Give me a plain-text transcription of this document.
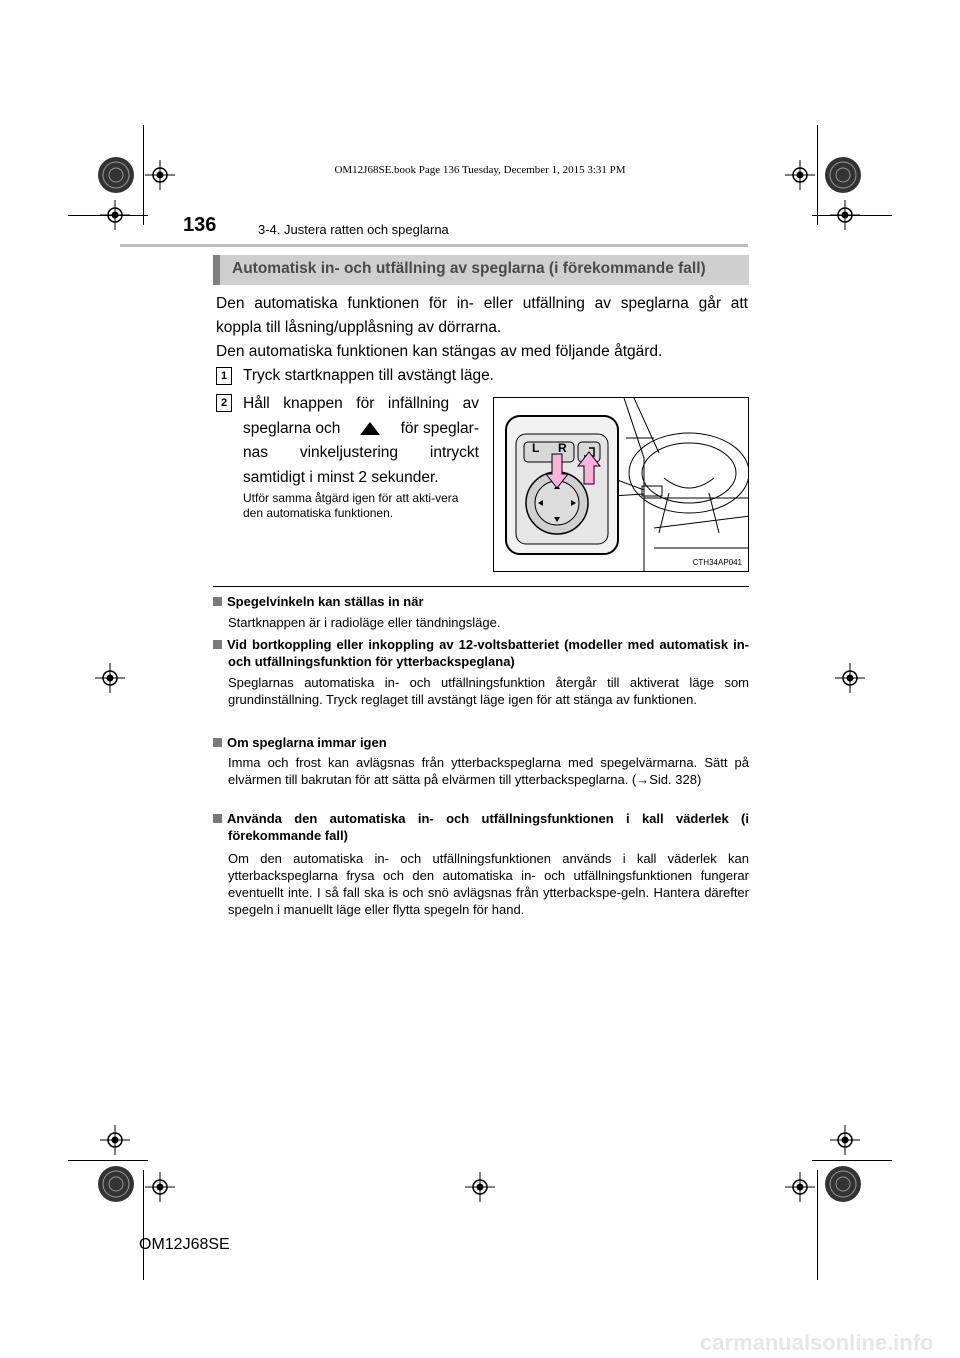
OM12J68SE.book Page 136 Tuesday, December 1, 2015 3:31 PM
136	3-4. Justera ratten och speglarna
Automatisk in- och utfällning av speglarna (i förekommande fall)
Den automatiska funktionen för in- eller utfällning av speglarna går att
koppla till låsning/upplåsning av dörrarna.
Den automatiska funktionen kan stängas av med följande åtgärd.
1	Tryck startknappen till avstängt läge.
2	Håll knappen för infällning av
speglarna och	för speglar-
nas vinkeljustering intryckt
samtidigt i minst 2 sekunder.
Utför samma åtgärd igen för att akti-vera den automatiska funktionen.
L R
CTH34AP041
Spegelvinkeln kan ställas in när
Startknappen är i radioläge eller tändningsläge.
Vid bortkoppling eller inkoppling av 12-voltsbatteriet (modeller med automatisk in- och utfällningsfunktion för ytterbackspeglana)
Speglarnas automatiska in- och utfällningsfunktion återgår till aktiverat läge som grundinställning. Tryck reglaget till avstängt läge igen för att stänga av funktionen.
Om speglarna immar igen
Imma och frost kan avlägsnas från ytterbackspeglarna med spegelvärmarna. Sätt på elvärmen till bakrutan för att sätta på elvärmen till ytterbackspeglarna. (→Sid. 328)
Använda den automatiska in- och utfällningsfunktionen i kall väderlek (i förekommande fall)
Om den automatiska in- och utfällningsfunktionen används i kall väderlek kan ytterbackspeglarna frysa och den automatiska in- och utfällningsfunktionen fungerar eventuellt inte. I så fall ska is och snö avlägsnas från ytterbackspe-geln. Hantera därefter spegeln i manuellt läge eller flytta spegeln för hand.
OM12J68SE
carmanualsonline.info
